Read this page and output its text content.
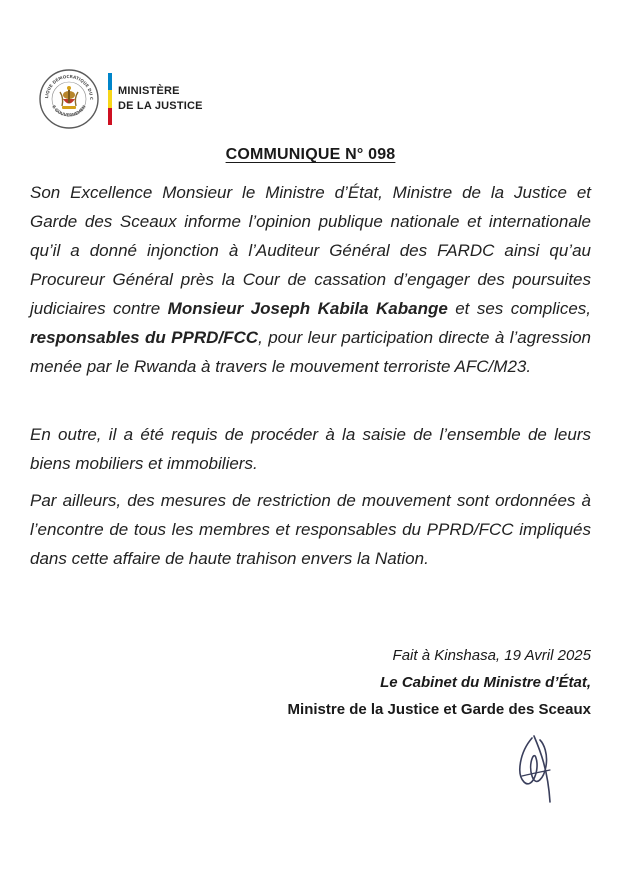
LIQUE DÉMOCRATIQUE DU C
E GOUVERNEMEN
MINISTÈRE
DE LA JUSTICE
COMMUNIQUE N° 098
Son Excellence Monsieur le Ministre d’État, Ministre de la Justice et Garde des Sceaux informe l’opinion publique nationale et internationale qu’il a donné injonction à l’Auditeur Général des FARDC ainsi qu’au Procureur Général près la Cour de cassation d’engager des poursuites judiciaires contre Monsieur Joseph Kabila Kabange et ses complices, responsables du PPRD/FCC, pour leur participation directe à l’agression menée par le Rwanda à travers le mouvement terroriste AFC/M23.
En outre, il a été requis de procéder à la saisie de l’ensemble de leurs biens mobiliers et immobiliers.
Par ailleurs, des mesures de restriction de mouvement sont ordonnées à l’encontre de tous les membres et responsables du PPRD/FCC impliqués dans cette affaire de haute trahison envers la Nation.
Fait à Kinshasa, 19 Avril 2025
Le Cabinet du Ministre d’État,
Ministre de la Justice et Garde des Sceaux
